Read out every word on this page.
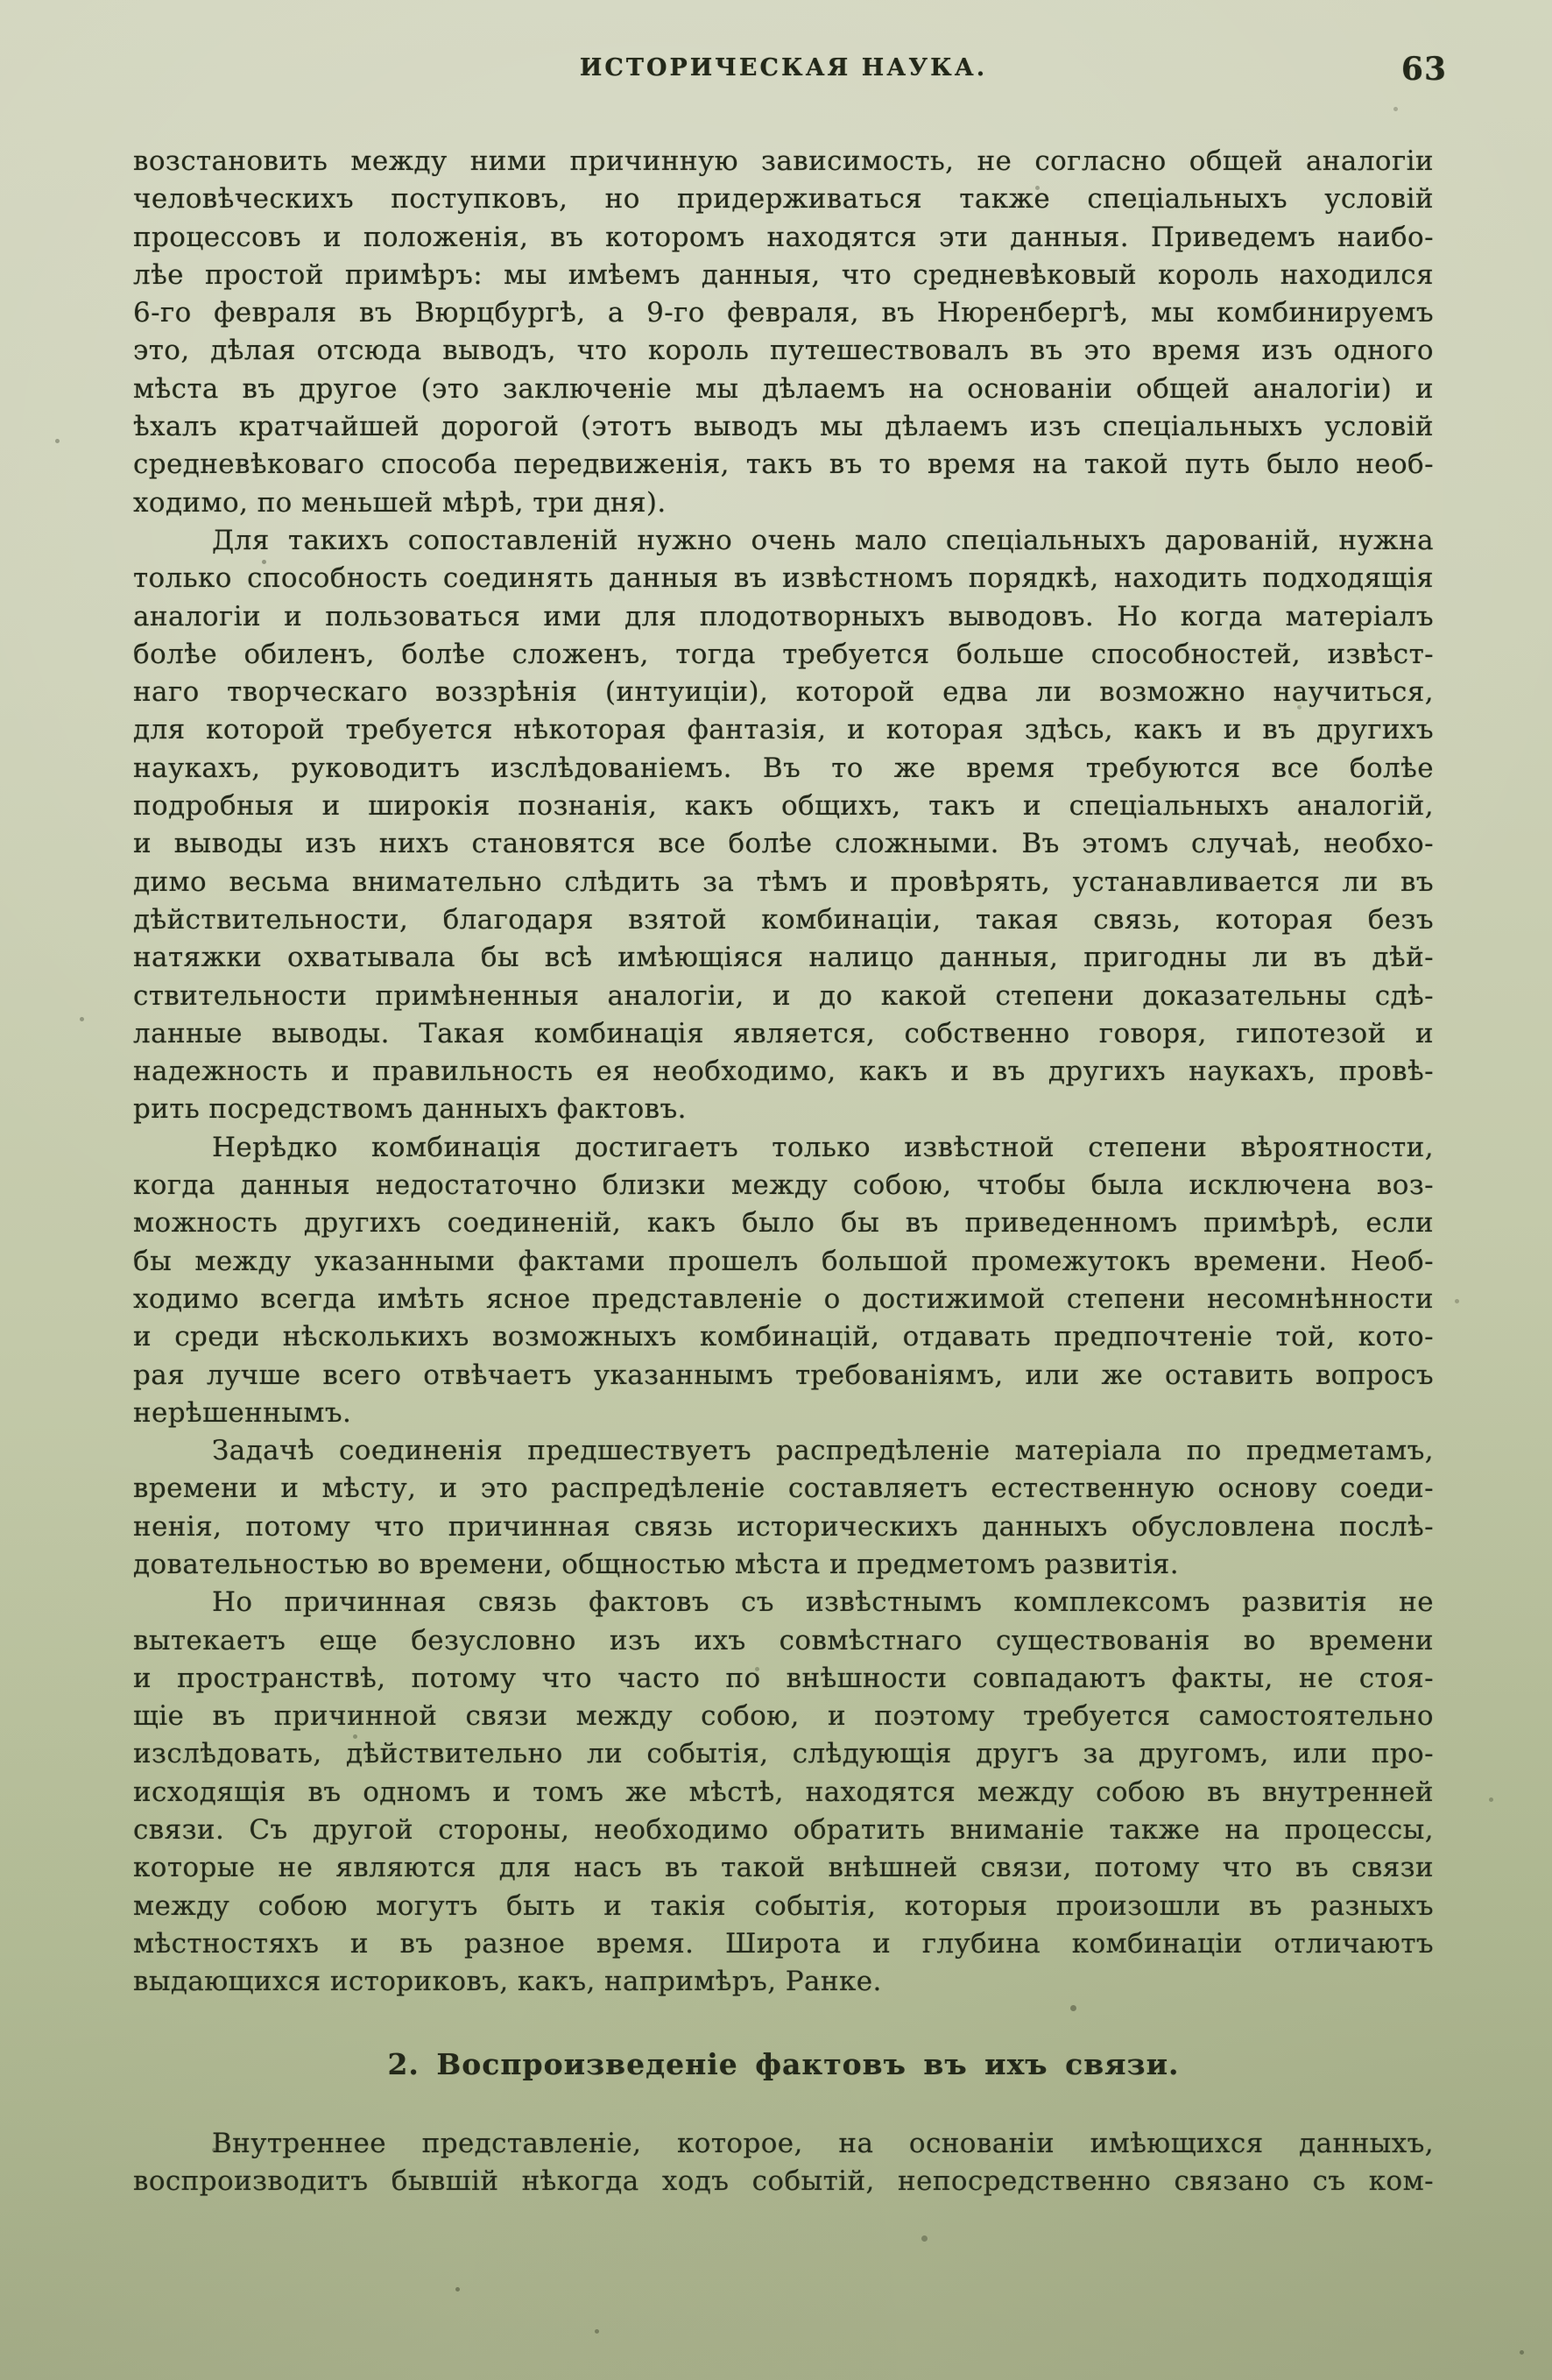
ИСТОРИЧЕСКАЯ НАУКА.	63
возстановить между ними причинную зависимость, не согласно общей аналогіи
человѣческихъ поступковъ, но придерживаться также спеціальныхъ условій
процессовъ и положенія, въ которомъ находятся эти данныя. Приведемъ наибо-
лѣе простой примѣръ: мы имѣемъ данныя, что средневѣковый король находился
6-го февраля въ Вюрцбургѣ, а 9-го февраля, въ Нюренбергѣ, мы комбинируемъ
это, дѣлая отсюда выводъ, что король путешествовалъ въ это время изъ одного
мѣста въ другое (это заключеніе мы дѣлаемъ на основаніи общей аналогіи) и
ѣхалъ кратчайшей дорогой (этотъ выводъ мы дѣлаемъ изъ спеціальныхъ условій
средневѣковаго способа передвиженія, такъ въ то время на такой путь было необ-
ходимо, по меньшей мѣрѣ, три дня).
Для такихъ сопоставленій нужно очень мало спеціальныхъ дарованій, нужна
только способность соединять данныя въ извѣстномъ порядкѣ, находить подходящія
аналогіи и пользоваться ими для плодотворныхъ выводовъ. Но когда матеріалъ
болѣе обиленъ, болѣе сложенъ, тогда требуется больше способностей, извѣст-
наго творческаго воззрѣнія (интуиціи), которой едва ли возможно научиться,
для которой требуется нѣкоторая фантазія, и которая здѣсь, какъ и въ другихъ
наукахъ, руководитъ изслѣдованіемъ. Въ то же время требуются все болѣе
подробныя и широкія познанія, какъ общихъ, такъ и спеціальныхъ аналогій,
и выводы изъ нихъ становятся все болѣе сложными. Въ этомъ случаѣ, необхо-
димо весьма внимательно слѣдить за тѣмъ и провѣрять, устанавливается ли въ
дѣйствительности, благодаря взятой комбинаціи, такая связь, которая безъ
натяжки охватывала бы всѣ имѣющіяся налицо данныя, пригодны ли въ дѣй-
ствительности примѣненныя аналогіи, и до какой степени доказательны сдѣ-
ланные выводы. Такая комбинація является, собственно говоря, гипотезой и
надежность и правильность ея необходимо, какъ и въ другихъ наукахъ, провѣ-
рить посредствомъ данныхъ фактовъ.
Нерѣдко комбинація достигаетъ только извѣстной степени вѣроятности,
когда данныя недостаточно близки между собою, чтобы была исключена воз-
можность другихъ соединеній, какъ было бы въ приведенномъ примѣрѣ, если
бы между указанными фактами прошелъ большой промежутокъ времени. Необ-
ходимо всегда имѣть ясное представленіе о достижимой степени несомнѣнности
и среди нѣсколькихъ возможныхъ комбинацій, отдавать предпочтеніе той, кото-
рая лучше всего отвѣчаетъ указаннымъ требованіямъ, или же оставить вопросъ
нерѣшеннымъ.
Задачѣ соединенія предшествуетъ распредѣленіе матеріала по предметамъ,
времени и мѣсту, и это распредѣленіе составляетъ естественную основу соеди-
ненія, потому что причинная связь историческихъ данныхъ обусловлена послѣ-
довательностью во времени, общностью мѣста и предметомъ развитія.
Но причинная связь фактовъ съ извѣстнымъ комплексомъ развитія не
вытекаетъ еще безусловно изъ ихъ совмѣстнаго существованія во времени
и пространствѣ, потому что часто по внѣшности совпадаютъ факты, не стоя-
щіе въ причинной связи между собою, и поэтому требуется самостоятельно
изслѣдовать, дѣйствительно ли событія, слѣдующія другъ за другомъ, или про-
исходящія въ одномъ и томъ же мѣстѣ, находятся между собою въ внутренней
связи. Съ другой стороны, необходимо обратить вниманіе также на процессы,
которые не являются для насъ въ такой внѣшней связи, потому что въ связи
между собою могутъ быть и такія событія, которыя произошли въ разныхъ
мѣстностяхъ и въ разное время. Широта и глубина комбинаціи отличаютъ
выдающихся историковъ, какъ, напримѣръ, Ранке.
2. Воспроизведеніе фактовъ въ ихъ связи.
Внутреннее представленіе, которое, на основаніи имѣющихся данныхъ,
воспроизводитъ бывшій нѣкогда ходъ событій, непосредственно связано съ ком-
